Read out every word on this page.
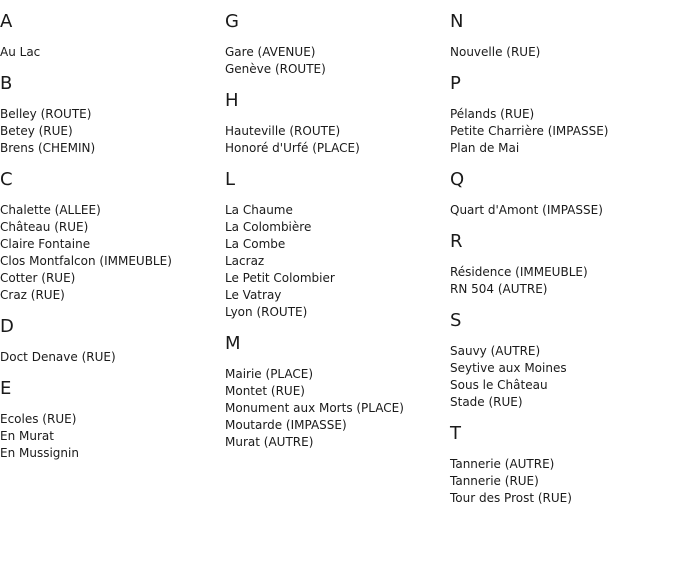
A
Au Lac
B
Belley (ROUTE)
Betey (RUE)
Brens (CHEMIN)
C
Chalette (ALLEE)
Château (RUE)
Claire Fontaine
Clos Montfalcon (IMMEUBLE)
Cotter (RUE)
Craz (RUE)
D
Doct Denave (RUE)
E
Ecoles (RUE)
En Murat
En Mussignin
G
Gare (AVENUE)
Genève (ROUTE)
H
Hauteville (ROUTE)
Honoré d'Urfé (PLACE)
L
La Chaume
La Colombière
La Combe
Lacraz
Le Petit Colombier
Le Vatray
Lyon (ROUTE)
M
Mairie (PLACE)
Montet (RUE)
Monument aux Morts (PLACE)
Moutarde (IMPASSE)
Murat (AUTRE)
N
Nouvelle (RUE)
P
Pélands (RUE)
Petite Charrière (IMPASSE)
Plan de Mai
Q
Quart d'Amont (IMPASSE)
R
Résidence (IMMEUBLE)
RN 504 (AUTRE)
S
Sauvy (AUTRE)
Seytive aux Moines
Sous le Château
Stade (RUE)
T
Tannerie (AUTRE)
Tannerie (RUE)
Tour des Prost (RUE)
